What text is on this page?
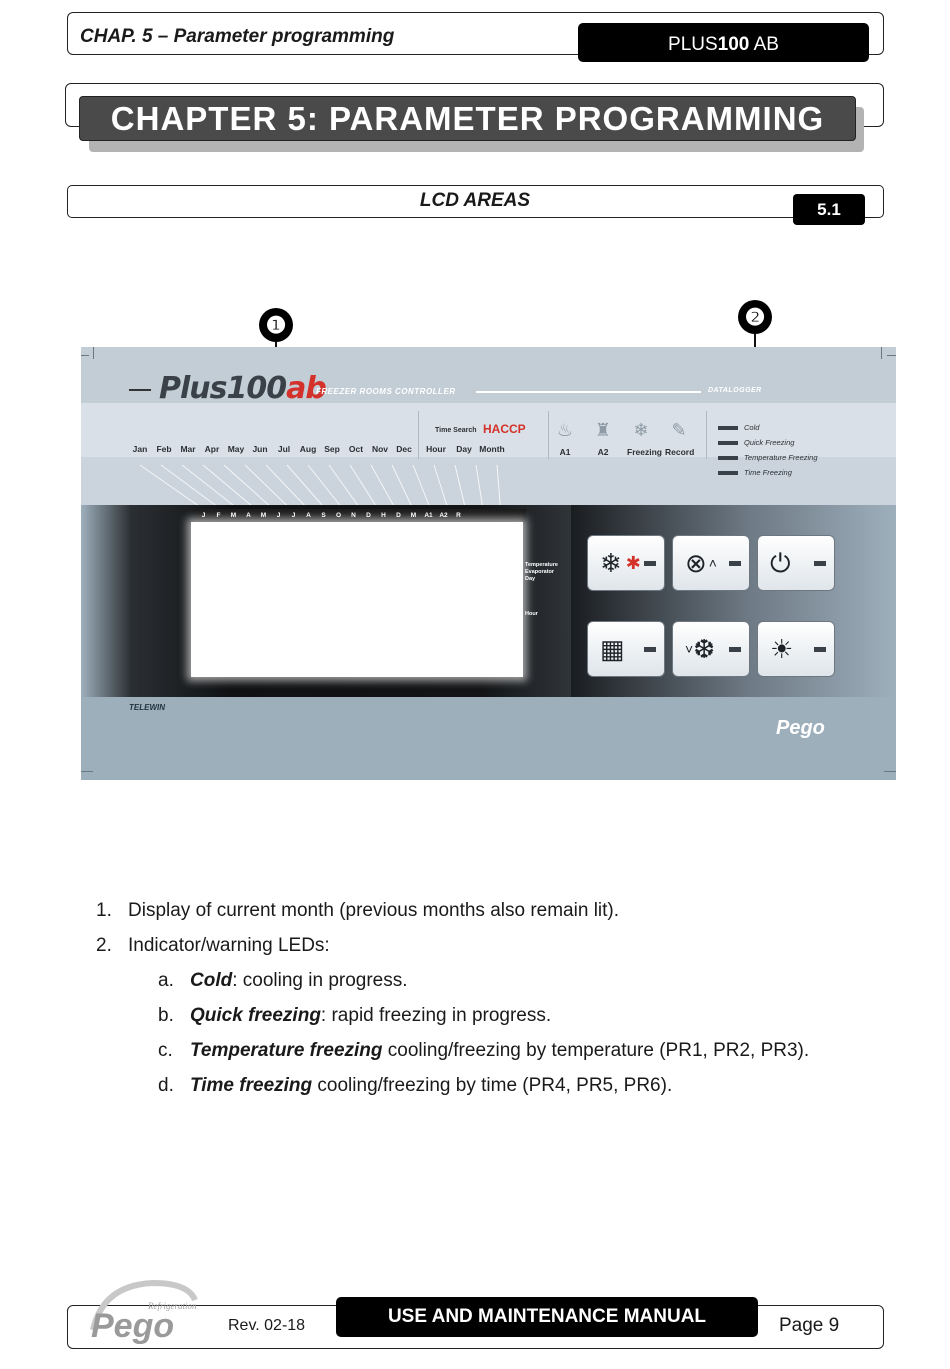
CHAP. 5 – Parameter programming	PLUS 100 AB
CHAPTER 5: PARAMETER PROGRAMMING
LCD AREAS	5.1
❶	❷
Plus100ab
FREEZER ROOMS CONTROLLER	DATALOGGER
Time Search HACCP
Jan	Feb	Mar	Apr May Jun	Jul	Aug Sep	Oct	Nov Dec	Hour	Day Month
♨	♜	❄	✎
A1	A2	Freezing Record
Cold
Quick Freezing
Temperature Freezing
Time Freezing
J	F	M	A	M	J	J	A	S	O	N	D	H	D	M	A1	A2	R
Temperature
Evaporator
Day
Hour
❄ ✱ ⊗ ˄ ⏻
▦	˅ ❆ ☀
TELEWIN
Pego
1. Display of current month (previous months also remain lit).
2. Indicator/warning LEDs:
a. Cold: cooling in progress.
b. Quick freezing: rapid freezing in progress.
c. Temperature freezing cooling/freezing by temperature (PR1, PR2, PR3).
d. Time freezing cooling/freezing by time (PR4, PR5, PR6).
Refrigeration
Pego	Rev. 02-18	USE AND MAINTENANCE MANUAL	Page 9
